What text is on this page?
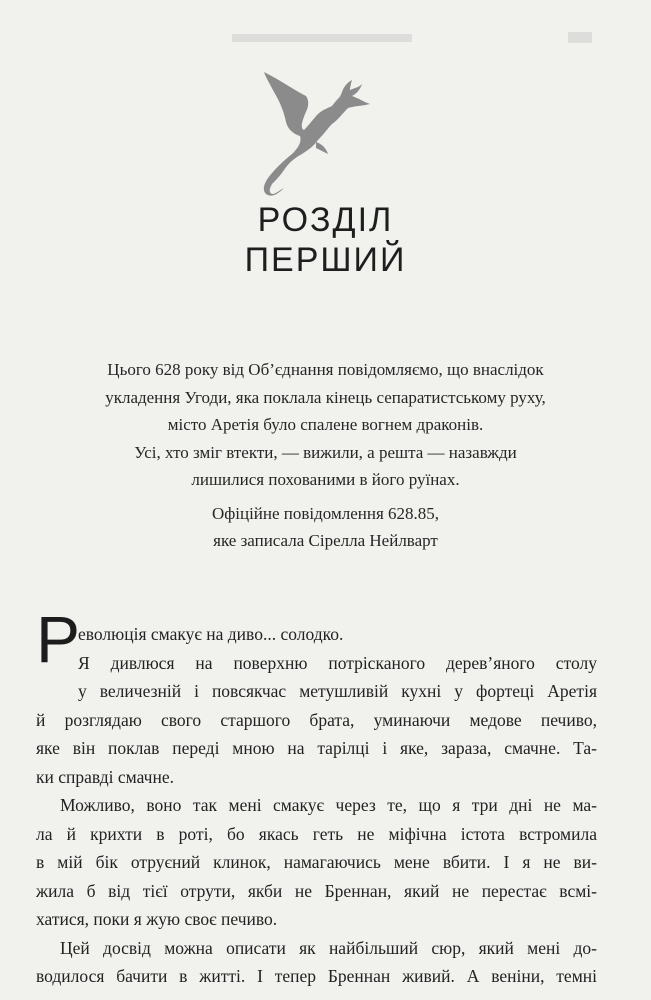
РОЗДІЛ
ПЕРШИЙ
Цього 628 року від Об’єднання повідомляємо, що внаслідок
укладення Угоди, яка поклала кінець сепаратистському руху,
місто Аретія було спалене вогнем драконів.
Усі, хто зміг втекти, — вижили, а решта — назавжди
лишилися похованими в його руїнах.
Офіційне повідомлення 628.85,
яке записала Сірелла Нейлварт
Р
еволюція смакує на диво... солодко.
Я дивлюся на поверхню потрісканого дерев’яного столу
у величезній і повсякчас метушливій кухні у фортеці Аретія
й розглядаю свого старшого брата, уминаючи медове печиво,
яке він поклав переді мною на тарілці і яке, зараза, смачне. Та-
ки справді смачне.
Можливо, воно так мені смакує через те, що я три дні не ма-
ла й крихти в роті, бо якась геть не міфічна істота встромила
в мій бік отруєний клинок, намагаючись мене вбити. І я не ви-
жила б від тієї отрути, якби не Бреннан, який не перестає всмі-
хатися, поки я жую своє печиво.
Цей досвід можна описати як найбільший сюр, який мені до-
водилося бачити в житті. І тепер Бреннан живий. А веніни, темні
